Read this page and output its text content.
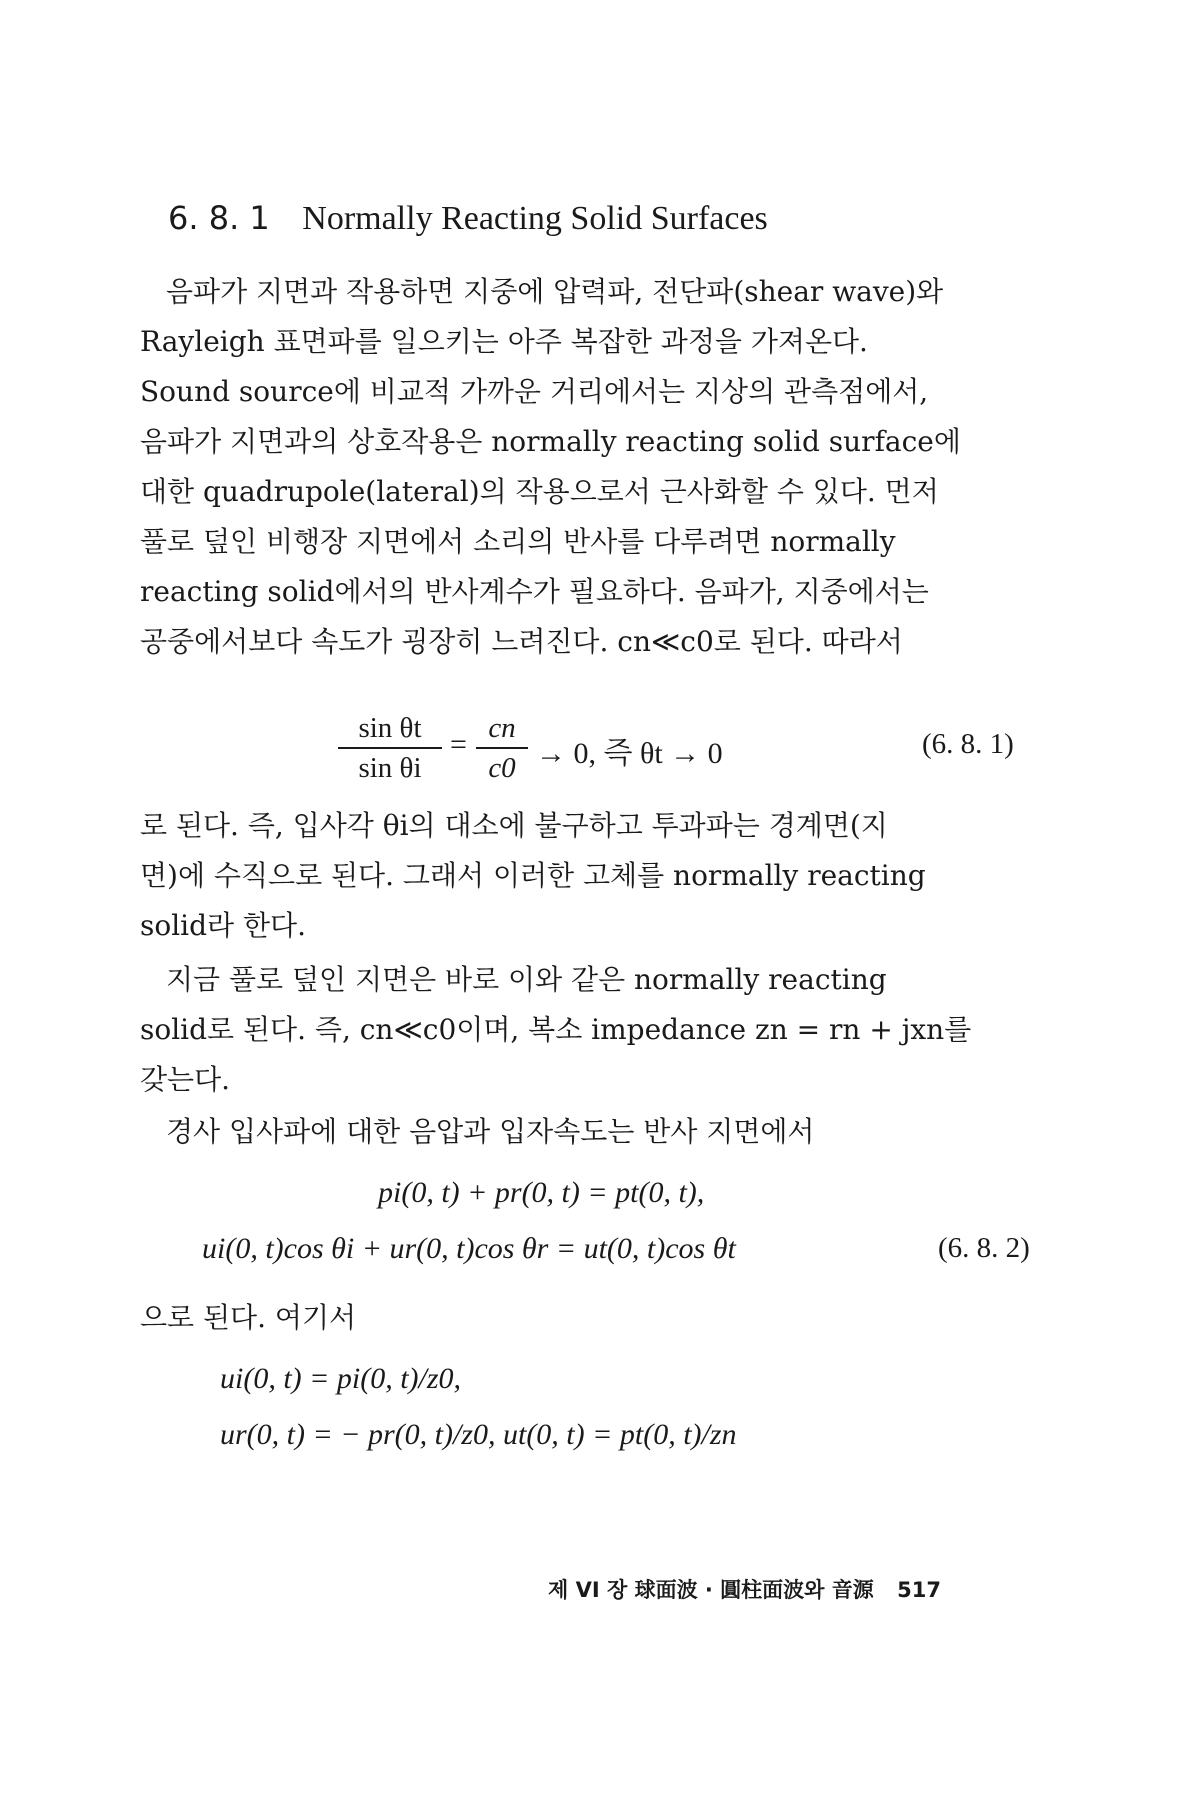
6. 8. 1 Normally Reacting Solid Surfaces
음파가 지면과 작용하면 지중에 압력파, 전단파(shear wave)와
Rayleigh 표면파를 일으키는 아주 복잡한 과정을 가져온다.
Sound source에 비교적 가까운 거리에서는 지상의 관측점에서,
음파가 지면과의 상호작용은 normally reacting solid surface에
대한 quadrupole(lateral)의 작용으로서 근사화할 수 있다. 먼저
풀로 덮인 비행장 지면에서 소리의 반사를 다루려면 normally
reacting solid에서의 반사계수가 필요하다. 음파가, 지중에서는
공중에서보다 속도가 굉장히 느려진다. cn≪c0로 된다. 따라서
sin θt
sin θi
= cn
c0 → 0, 즉 θt → 0	(6. 8. 1)
로 된다. 즉, 입사각 θi의 대소에 불구하고 투과파는 경계면(지
면)에 수직으로 된다. 그래서 이러한 고체를 normally reacting
solid라 한다.
지금 풀로 덮인 지면은 바로 이와 같은 normally reacting
solid로 된다. 즉, cn≪c0이며, 복소 impedance zn = rn + jxn를
갖는다.
경사 입사파에 대한 음압과 입자속도는 반사 지면에서
pi(0, t) + pr(0, t) = pt(0, t),
ui(0, t)cos θi + ur(0, t)cos θr = ut(0, t)cos θt	(6. 8. 2)
으로 된다. 여기서
ui(0, t) = pi(0, t)/z0,
ur(0, t) = − pr(0, t)/z0, ut(0, t) = pt(0, t)/zn
제 VI 장 球面波 · 圓柱面波와 音源 517
